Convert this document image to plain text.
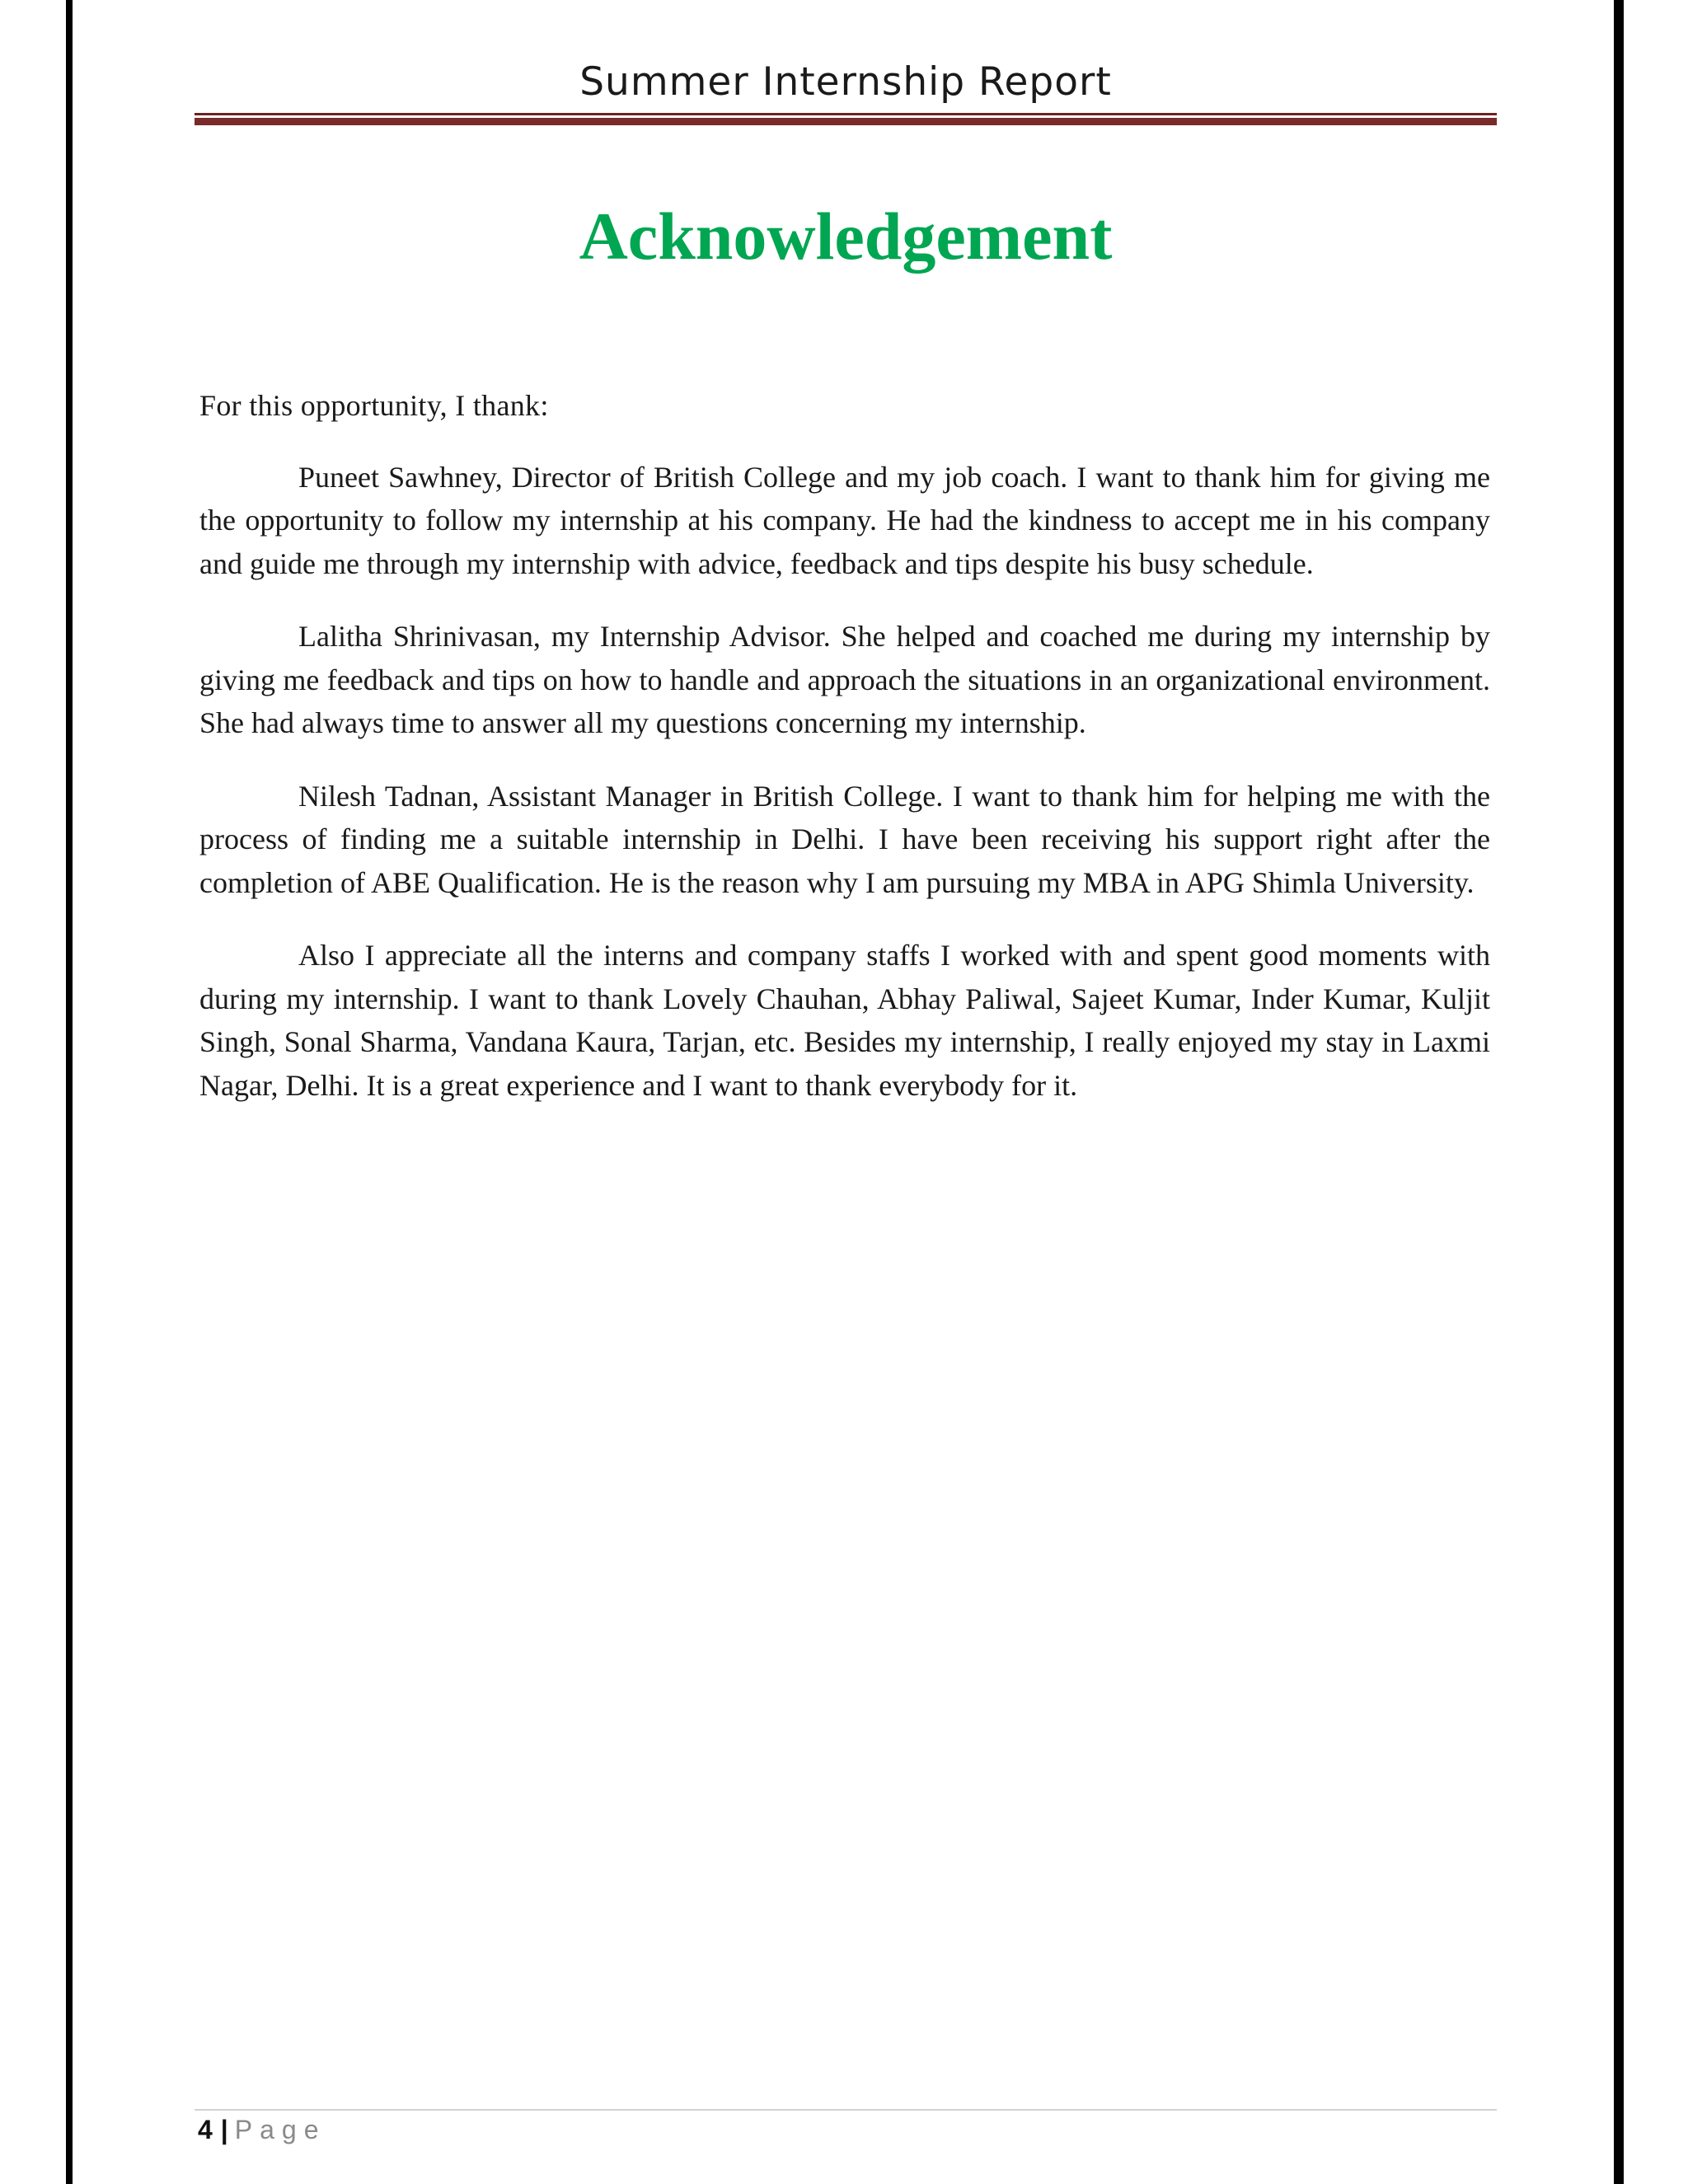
Summer Internship Report
Acknowledgement

For this opportunity, I thank:

Puneet Sawhney, Director of British College and my job coach. I want to thank him for giving me the opportunity to follow my internship at his company. He had the kindness to accept me in his company and guide me through my internship with advice, feedback and tips despite his busy schedule.

Lalitha Shrinivasan, my Internship Advisor. She helped and coached me during my internship by giving me feedback and tips on how to handle and approach the situations in an organizational environment. She had always time to answer all my questions concerning my internship.

Nilesh Tadnan, Assistant Manager in British College. I want to thank him for helping me with the process of finding me a suitable internship in Delhi. I have been receiving his support right after the completion of ABE Qualification. He is the reason why I am pursuing my MBA in APG Shimla University.

Also I appreciate all the interns and company staffs I worked with and spent good moments with during my internship. I want to thank Lovely Chauhan, Abhay Paliwal, Sajeet Kumar, Inder Kumar, Kuljit Singh, Sonal Sharma, Vandana Kaura, Tarjan, etc. Besides my internship, I really enjoyed my stay in Laxmi Nagar, Delhi. It is a great experience and I want to thank everybody for it.

4 | Page
